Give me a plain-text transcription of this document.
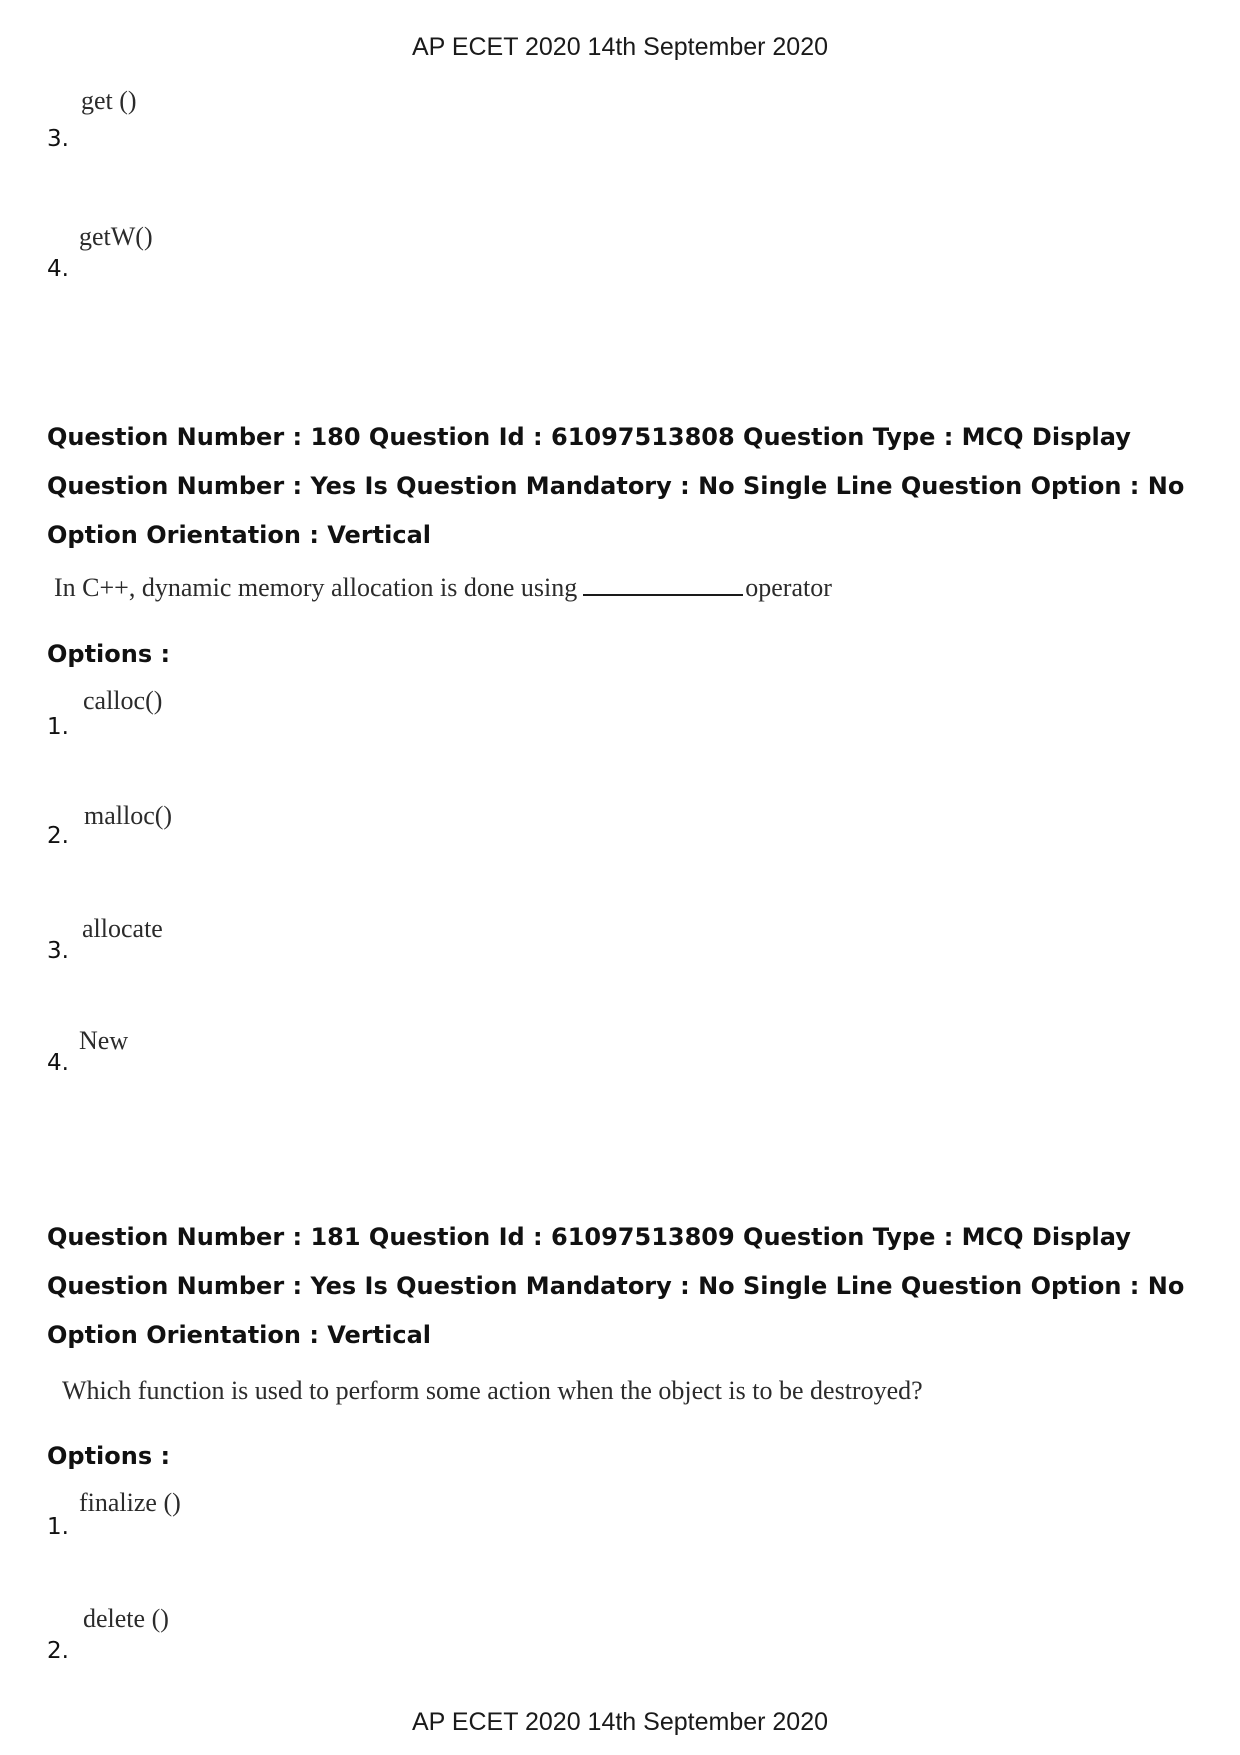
AP ECET 2020 14th September 2020
get ()
3.
getW()
4.
Question Number : 180 Question Id : 61097513808 Question Type : MCQ Display Question Number : Yes Is Question Mandatory : No Single Line Question Option : No Option Orientation : Vertical
In C++, dynamic memory allocation is done using	operator
Options :
calloc()
1.
malloc()
2.
allocate
3.
New
4.
Question Number : 181 Question Id : 61097513809 Question Type : MCQ Display Question Number : Yes Is Question Mandatory : No Single Line Question Option : No Option Orientation : Vertical
Which function is used to perform some action when the object is to be destroyed?
Options :
finalize ()
1.
delete ()
2.
AP ECET 2020 14th September 2020
